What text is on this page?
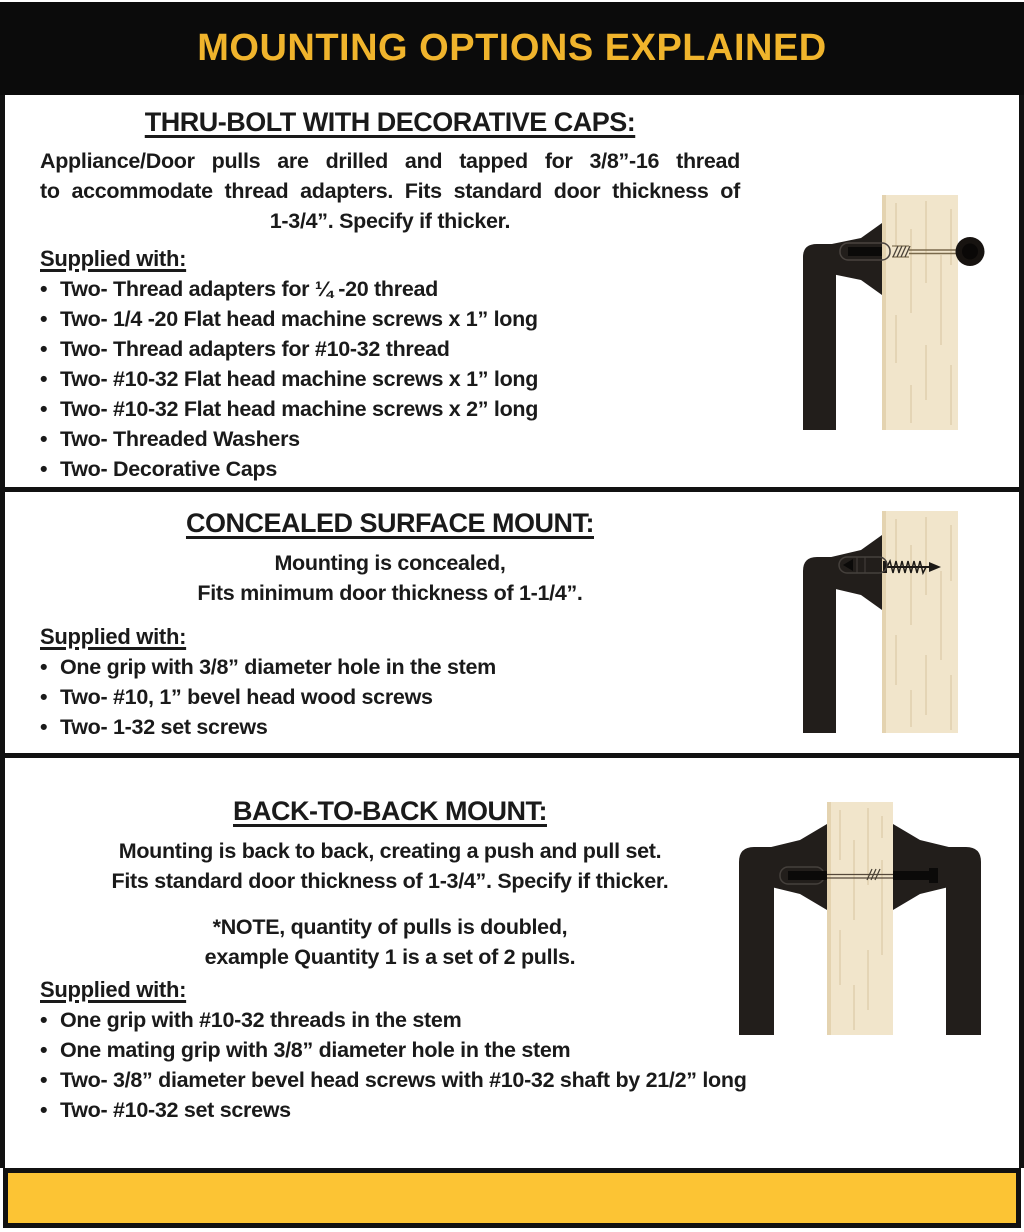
MOUNTING OPTIONS EXPLAINED
THRU-BOLT WITH DECORATIVE CAPS:
Appliance/Door pulls are drilled and tapped for 3/8”-16 thread
to accommodate thread adapters. Fits standard door thickness of
1-3/4”. Specify if thicker.
Supplied with:
• Two- Thread adapters for ¼ -20 thread
• Two- 1/4 -20 Flat head machine screws x 1” long
• Two- Thread adapters for #10-32 thread
• Two- #10-32 Flat head machine screws x 1” long
• Two- #10-32 Flat head machine screws x 2” long
• Two- Threaded Washers
• Two- Decorative Caps
CONCEALED SURFACE MOUNT:
Mounting is concealed,
Fits minimum door thickness of 1-1/4”.
Supplied with:
• One grip with 3/8” diameter hole in the stem
• Two- #10, 1” bevel head wood screws
• Two- 1-32 set screws
BACK-TO-BACK MOUNT:
Mounting is back to back, creating a push and pull set.
Fits standard door thickness of 1-3/4”. Specify if thicker.
*NOTE, quantity of pulls is doubled,
example Quantity 1 is a set of 2 pulls.
Supplied with:
• One grip with #10-32 threads in the stem
• One mating grip with 3/8” diameter hole in the stem
• Two- 3/8” diameter bevel head screws with #10-32 shaft by 21/2” long
• Two- #10-32 set screws
